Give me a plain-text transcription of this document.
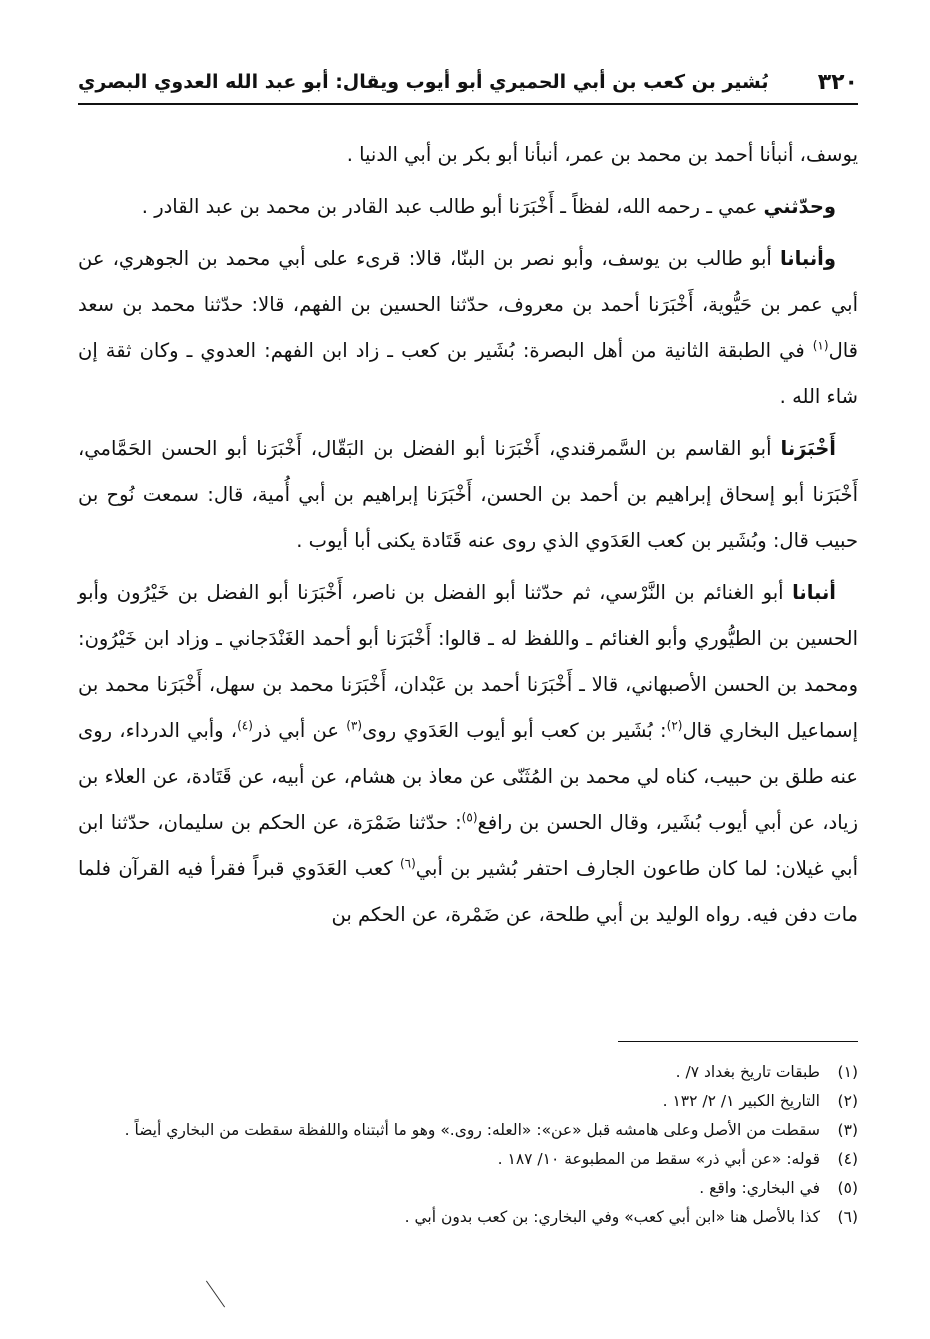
٣٢٠
بُشير بن كعب بن أبي الحميري أبو أيوب ويقال: أبو عبد الله العدوي البصري

يوسف، أنبأنا أحمد بن محمد بن عمر، أنبأنا أبو بكر بن أبي الدنيا .

وحدّثني عمي ـ رحمه الله، لفظاً ـ أَخْبَرَنا أبو طالب عبد القادر بن محمد بن عبد القادر .

وأنبانا أبو طالب بن يوسف، وأبو نصر بن البنّا، قالا: قرىء على أبي محمد بن الجوهري، عن أبي عمر بن حَيُّوية، أَخْبَرَنا أحمد بن معروف، حدّثنا الحسين بن الفهم، قالا: حدّثنا محمد بن سعد قال$^{(١)}$ في الطبقة الثانية من أهل البصرة: بُشَير بن كعب ـ زاد ابن الفهم: العدوي ـ وكان ثقة إن شاء الله .

أَخْبَرَنا أبو القاسم بن السَّمرقندي، أَخْبَرَنا أبو الفضل بن البَقّال، أَخْبَرَنا أبو الحسن الحَمَّامي، أَخْبَرَنا أبو إسحاق إبراهيم بن أحمد بن الحسن، أَخْبَرَنا إبراهيم بن أبي أُمية، قال: سمعت نُوح بن حبيب قال: وبُشَير بن كعب العَدَوي الذي روى عنه قَتَادة يكنى أبا أيوب .

أنبانا أبو الغنائم بن النَّرْسي، ثم حدّثنا أبو الفضل بن ناصر، أَخْبَرَنا أبو الفضل بن خَيْرُون وأبو الحسين بن الطيُّوري وأبو الغنائم ـ واللفظ له ـ قالوا: أَخْبَرَنا أبو أحمد الغَنْدَجاني ـ وزاد ابن خَيْرُون: ومحمد بن الحسن الأصبهاني، قالا ـ أَخْبَرَنا أحمد بن عَبْدان، أَخْبَرَنا محمد بن سهل، أَخْبَرَنا محمد بن إسماعيل البخاري قال$^{(٢)}$: بُشَير بن كعب أبو أيوب العَدَوي روى$^{(٣)}$ عن أبي ذر$^{(٤)}$، وأبي الدرداء، روى عنه طلق بن حبيب، كناه لي محمد بن المُثَنّى عن معاذ بن هشام، عن أبيه، عن قَتَادة، عن العلاء بن زياد، عن أبي أيوب بُشَير، وقال الحسن بن رافع$^{(٥)}$: حدّثنا ضَمْرَة، عن الحكم بن سليمان، حدّثنا ابن أبي غيلان: لما كان طاعون الجارف احتفر بُشير بن أبي$^{(٦)}$ كعب العَدَوي قبراً فقرأ فيه القرآن فلما مات دفن فيه. رواه الوليد بن أبي طلحة، عن ضَمْرة، عن الحكم بن

(١)
طبقات تاريخ بغداد ٧/ .
(٢)
التاريخ الكبير ١/ ٢/ ١٣٢ .
(٣)
سقطت من الأصل وعلى هامشه قبل «عن»: «العله: روى.» وهو ما أثبتناه واللفظة سقطت من البخاري أيضاً .
(٤)
قوله: «عن أبي ذر» سقط من المطبوعة ١٠/ ١٨٧ .
(٥)
في البخاري: واقع .
(٦)
كذا بالأصل هنا «ابن أبي كعب» وفي البخاري: بن كعب بدون أبي .
